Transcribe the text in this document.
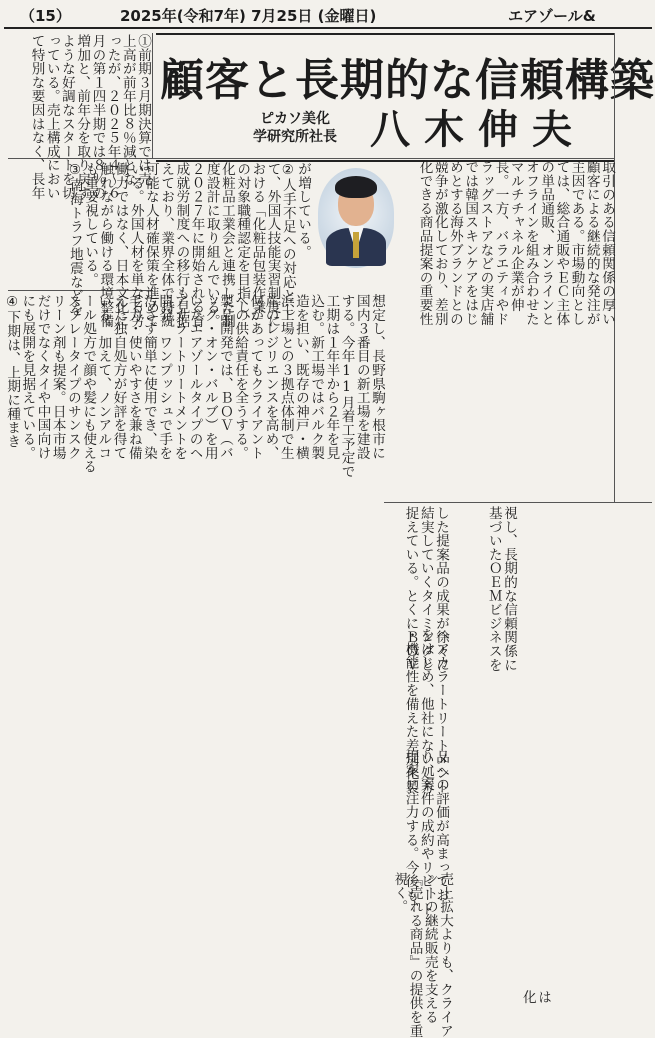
（15）	2025年(令和7年) 7月25日 (金曜日)	エアゾール&
顧客と長期的な信頼構築
ピカソ美化
学研究所社長 八木伸夫
取引のある信頼関係の厚い
顧客による継続的な発注が
主因である。市場動向とし
ては、総合通販やＥＣ主体
の単品通販、オンラインと
オフラインを組み合わせた
マルチチャネル企業が伸
長。一方、バラエティやド
ラッグストアなどの実店舗
では韓国スキンケアをはじ
めとする海外ブランドとの
競争が激化しており、差別
化できる商品提案の重要性
が増している。
②人手不足への対応とし
て、外国人技能実習制度に
おける「化粧品包装作業」
の対象職種認定を目指し、
化粧品工業会と連携した制
度設計に取り組んでいる。
２０２７年に開始される育
成就労制度への移行も見据
えており、業界全体で持続
可能な人材確保策を進めて
いる。外国人材を単なる労
働力ではなく、日本文化に
触れながら働ける環境整備
も重要視している。
③南海トラフ地震などを
①前期３月期決算では売
上高が前年比８％減とな
ったが、２０２５年４〜６
月の第１四半期では８％の
増加と、前年分を取り戻す
ような好調なスタートを切
っている。売上構成におい
て特別な要因はなく、長年
想定し、長野県駒ヶ根市に
国内３番目の新工場を建設
する。今年11月着工予定で
工期は１年半から２年を見
込む。新工場ではバルク製
造を担い、既存の神戸・横
浜工場との３拠点体制で生
産のレジリエンスを高め、
何があってもクライアント
への供給責任を全うする。
製品開発では、ＢＯＶ（バ
ッグ・オン・バルブ）を用
いたエアゾールタイプのヘ
アカラートリートメントを
開発。ワンプッシュで手を
汚さず簡単に使用でき、染
毛力・使いやすさを兼ね備
えた独自処方が好評を得て
いる。加えて、ノンアルコ
ール処方で顔や髪にも使える
スプレータイプのサンスク
リーン剤も提案。日本市場
だけでなくタイや中国向け
にも展開を見据えている。
④下期は、上期に種まき
した提案品の成果が徐々に
結実していくタイミングと
捉えている。とくにＢＯＶ
ヘアカラートリートメント
をはじめ、他社にない処方
・機能性を備えた差別化製
品への評価が高まってお
り、案件の成約やリピート
提案に注力する。今後も、
売上拡大よりも、クライア
ントの継続販売を支える
『売れる商品』の提供を重
視く。
視し、長期的な信頼関係に
基づいたＯＥＭビジネスを
は
化
